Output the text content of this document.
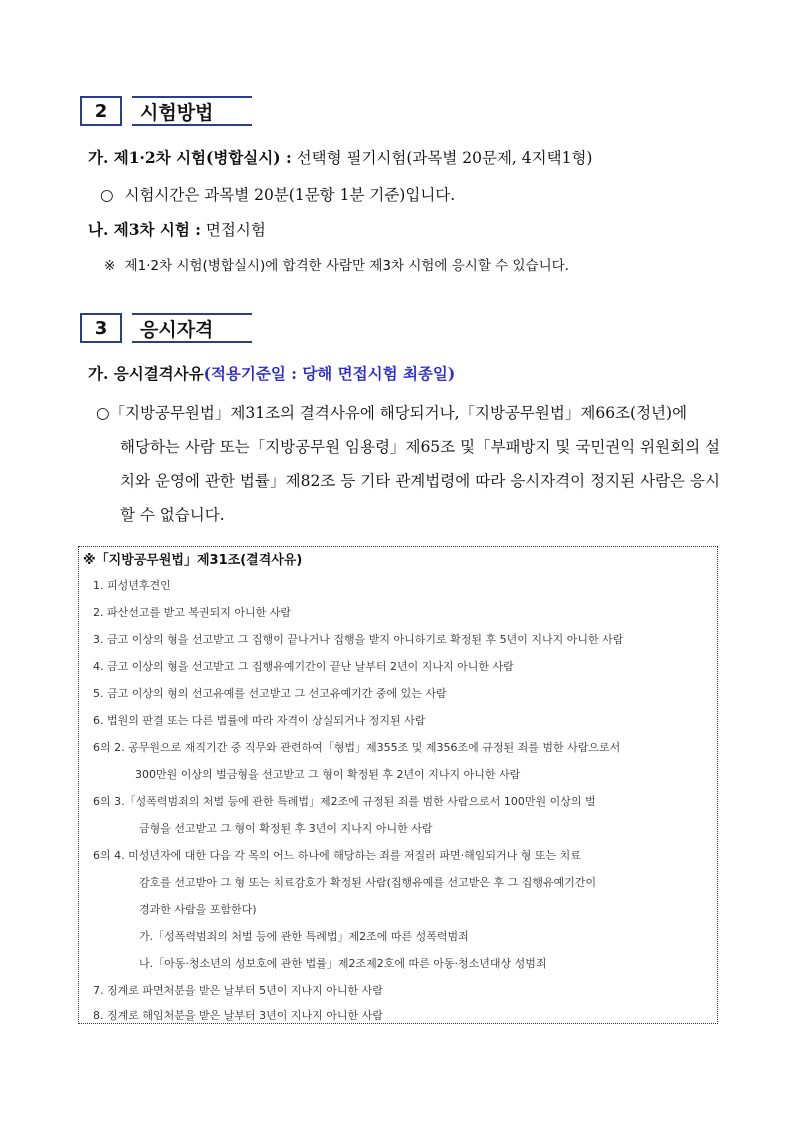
2	시험방법
가. 제1·2차 시험(병합실시) : 선택형 필기시험(과목별 20문제, 4지택1형)
○ 시험시간은 과목별 20분(1문항 1분 기준)입니다.
나. 제3차 시험 : 면접시험
※ 제1·2차 시험(병합실시)에 합격한 사람만 제3차 시험에 응시할 수 있습니다.
3	응시자격
가. 응시결격사유(적용기준일 : 당해 면접시험 최종일)
○「지방공무원법」제31조의 결격사유에 해당되거나,「지방공무원법」제66조(정년)에
해당하는 사람 또는「지방공무원 임용령」제65조 및「부패방지 및 국민권익 위원회의 설치와 운영에 관한 법률」제82조 등 기타 관계법령에 따라 응시자격이 정지된 사람은 응시할 수 없습니다.
※「지방공무원법」제31조(결격사유)
1. 피성년후견인
2. 파산선고를 받고 복권되지 아니한 사람
3. 금고 이상의 형을 선고받고 그 집행이 끝나거나 집행을 받지 아니하기로 확정된 후 5년이 지나지 아니한 사람
4. 금고 이상의 형을 선고받고 그 집행유예기간이 끝난 날부터 2년이 지나지 아니한 사람
5. 금고 이상의 형의 선고유예를 선고받고 그 선고유예기간 중에 있는 사람
6. 법원의 판결 또는 다른 법률에 따라 자격이 상실되거나 정지된 사람
6의 2. 공무원으로 재직기간 중 직무와 관련하여「형법」제355조 및 제356조에 규정된 죄를 범한 사람으로서
300만원 이상의 벌금형을 선고받고 그 형이 확정된 후 2년이 지나지 아니한 사람
6의 3.「성폭력범죄의 처벌 등에 관한 특례법」제2조에 규정된 죄를 범한 사람으로서 100만원 이상의 벌
금형을 선고받고 그 형이 확정된 후 3년이 지나지 아니한 사람
6의 4. 미성년자에 대한 다음 각 목의 어느 하나에 해당하는 죄를 저질러 파면·해임되거나 형 또는 치료
감호를 선고받아 그 형 또는 치료감호가 확정된 사람(집행유예를 선고받은 후 그 집행유예기간이
경과한 사람을 포함한다)
가.「성폭력범죄의 처벌 등에 관한 특례법」제2조에 따른 성폭력범죄
나.「아동·청소년의 성보호에 관한 법률」제2조제2호에 따른 아동·청소년대상 성범죄
7. 징계로 파면처분을 받은 날부터 5년이 지나지 아니한 사람
8. 징계로 해임처분을 받은 날부터 3년이 지나지 아니한 사람
